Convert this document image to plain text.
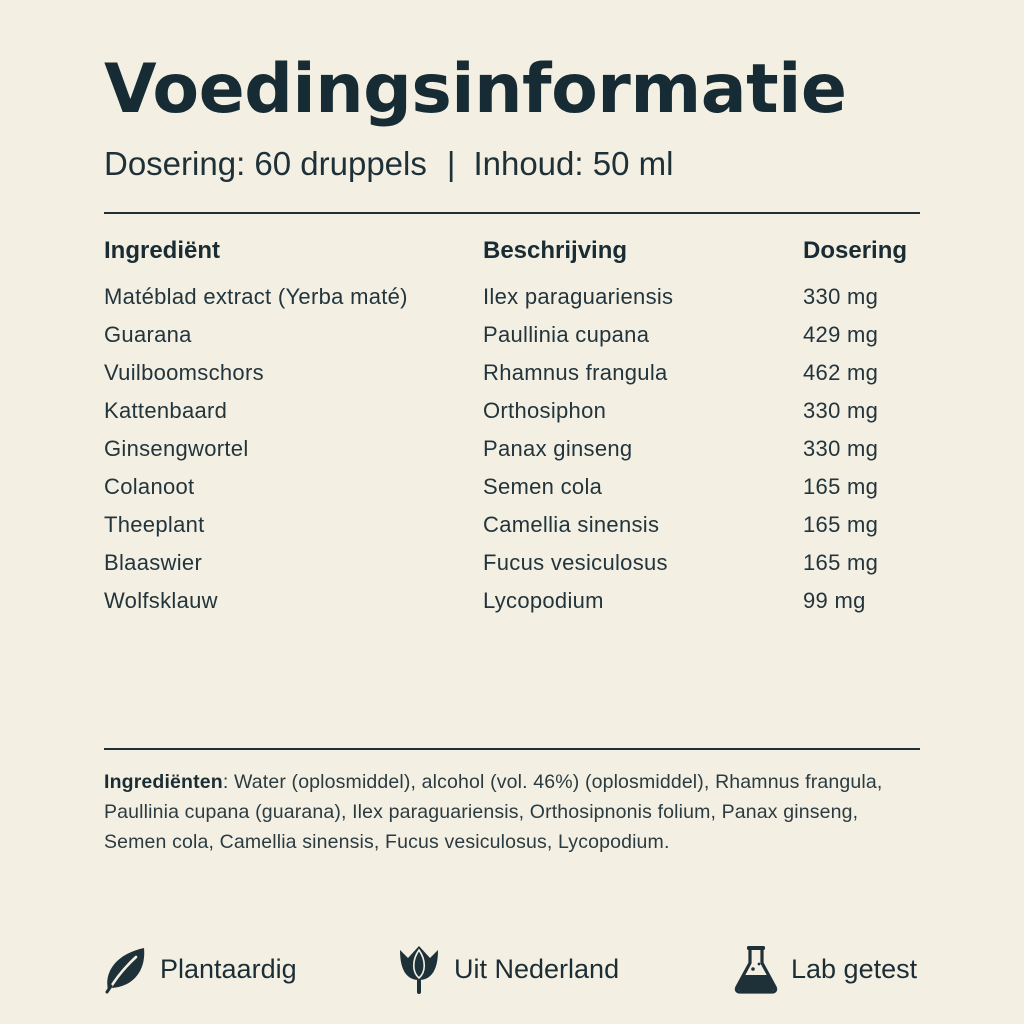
Voedingsinformatie
Dosering: 60 druppels | Inhoud: 50 ml
Ingrediënt	Beschrijving	Dosering
Matéblad extract (Yerba maté)	Ilex paraguariensis	330 mg
Guarana	Paullinia cupana	429 mg
Vuilboomschors	Rhamnus frangula	462 mg
Kattenbaard	Orthosiphon	330 mg
Ginsengwortel	Panax ginseng	330 mg
Colanoot	Semen cola	165 mg
Theeplant	Camellia sinensis	165 mg
Blaaswier	Fucus vesiculosus	165 mg
Wolfsklauw	Lycopodium	99 mg
Ingrediënten: Water (oplosmiddel), alcohol (vol. 46%) (oplosmiddel), Rhamnus frangula, Paullinia cupana (guarana), Ilex paraguariensis, Orthosipnonis folium, Panax ginseng, Semen cola, Camellia sinensis, Fucus vesiculosus, Lycopodium.
Plantaardig	Uit Nederland	Lab getest
